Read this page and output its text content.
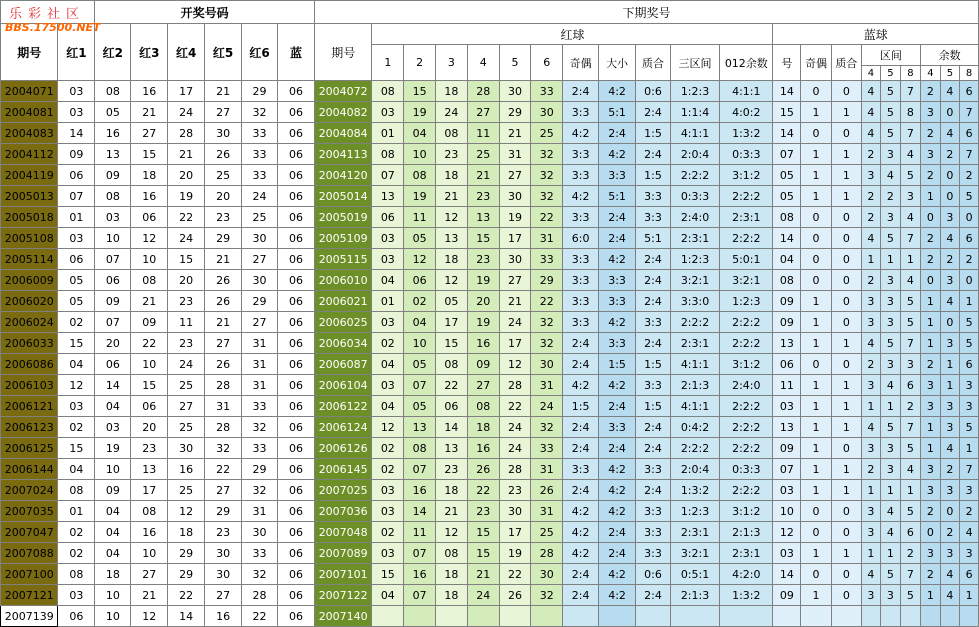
乐彩社区
BBS.17500.NET		开奖号码						下期奖号																				
期号	红1	红2	红3	红4	红5	红6	蓝	期号	红球											蓝球								
									1	2	3	4	5	6	奇偶	大小	质合	三区间	012余数	号	奇偶	质合	区间			余数		
																							4	5	8	4	5	8
2004071	03	08	16	17	21	29	06	2004072	08	15	18	28	30	33	2:4	4:2	0:6	1:2:3	4:1:1	14	0	0	4	5	7	2	4	6
2004081	03	05	21	24	27	32	06	2004082	03	19	24	27	29	30	3:3	5:1	2:4	1:1:4	4:0:2	15	1	1	4	5	8	3	0	7
2004083	14	16	27	28	30	33	06	2004084	01	04	08	11	21	25	4:2	2:4	1:5	4:1:1	1:3:2	14	0	0	4	5	7	2	4	6
2004112	09	13	15	21	26	33	06	2004113	08	10	23	25	31	32	3:3	4:2	2:4	2:0:4	0:3:3	07	1	1	2	3	4	3	2	7
2004119	06	09	18	20	25	33	06	2004120	07	08	18	21	27	32	3:3	3:3	1:5	2:2:2	3:1:2	05	1	1	3	4	5	2	0	2
2005013	07	08	16	19	20	24	06	2005014	13	19	21	23	30	32	4:2	5:1	3:3	0:3:3	2:2:2	05	1	1	2	2	3	1	0	5
2005018	01	03	06	22	23	25	06	2005019	06	11	12	13	19	22	3:3	2:4	3:3	2:4:0	2:3:1	08	0	0	2	3	4	0	3	0
2005108	03	10	12	24	29	30	06	2005109	03	05	13	15	17	31	6:0	2:4	5:1	2:3:1	2:2:2	14	0	0	4	5	7	2	4	6
2005114	06	07	10	15	21	27	06	2005115	03	12	18	23	30	33	3:3	4:2	2:4	1:2:3	5:0:1	04	0	0	1	1	1	2	2	2
2006009	05	06	08	20	26	30	06	2006010	04	06	12	19	27	29	3:3	3:3	2:4	3:2:1	3:2:1	08	0	0	2	3	4	0	3	0
2006020	05	09	21	23	26	29	06	2006021	01	02	05	20	21	22	3:3	3:3	2:4	3:3:0	1:2:3	09	1	0	3	3	5	1	4	1
2006024	02	07	09	11	21	27	06	2006025	03	04	17	19	24	32	3:3	4:2	3:3	2:2:2	2:2:2	09	1	0	3	3	5	1	0	5
2006033	15	20	22	23	27	31	06	2006034	02	10	15	16	17	32	2:4	3:3	2:4	2:3:1	2:2:2	13	1	1	4	5	7	1	3	5
2006086	04	06	10	24	26	31	06	2006087	04	05	08	09	12	30	2:4	1:5	1:5	4:1:1	3:1:2	06	0	0	2	3	3	2	1	6
2006103	12	14	15	25	28	31	06	2006104	03	07	22	27	28	31	4:2	4:2	3:3	2:1:3	2:4:0	11	1	1	3	4	6	3	1	3
2006121	03	04	06	27	31	33	06	2006122	04	05	06	08	22	24	1:5	2:4	1:5	4:1:1	2:2:2	03	1	1	1	1	2	3	3	3
2006123	02	03	20	25	28	32	06	2006124	12	13	14	18	24	32	2:4	3:3	2:4	0:4:2	2:2:2	13	1	1	4	5	7	1	3	5
2006125	15	19	23	30	32	33	06	2006126	02	08	13	16	24	33	2:4	2:4	2:4	2:2:2	2:2:2	09	1	0	3	3	5	1	4	1
2006144	04	10	13	16	22	29	06	2006145	02	07	23	26	28	31	3:3	4:2	3:3	2:0:4	0:3:3	07	1	1	2	3	4	3	2	7
2007024	08	09	17	25	27	32	06	2007025	03	16	18	22	23	26	2:4	4:2	2:4	1:3:2	2:2:2	03	1	1	1	1	1	3	3	3
2007035	01	04	08	12	29	31	06	2007036	03	14	21	23	30	31	4:2	4:2	3:3	1:2:3	3:1:2	10	0	0	3	4	5	2	0	2
2007047	02	04	16	18	23	30	06	2007048	02	11	12	15	17	25	4:2	2:4	3:3	2:3:1	2:1:3	12	0	0	3	4	6	0	2	4
2007088	02	04	10	29	30	33	06	2007089	03	07	08	15	19	28	4:2	2:4	3:3	3:2:1	2:3:1	03	1	1	1	1	2	3	3	3
2007100	08	18	27	29	30	32	06	2007101	15	16	18	21	22	30	2:4	4:2	0:6	0:5:1	4:2:0	14	0	0	4	5	7	2	4	6
2007121	03	10	21	22	27	28	06	2007122	04	07	18	24	26	32	2:4	4:2	2:4	2:1:3	1:3:2	09	1	0	3	3	5	1	4	1
2007139	06	10	12	14	16	22	06	2007140																				
